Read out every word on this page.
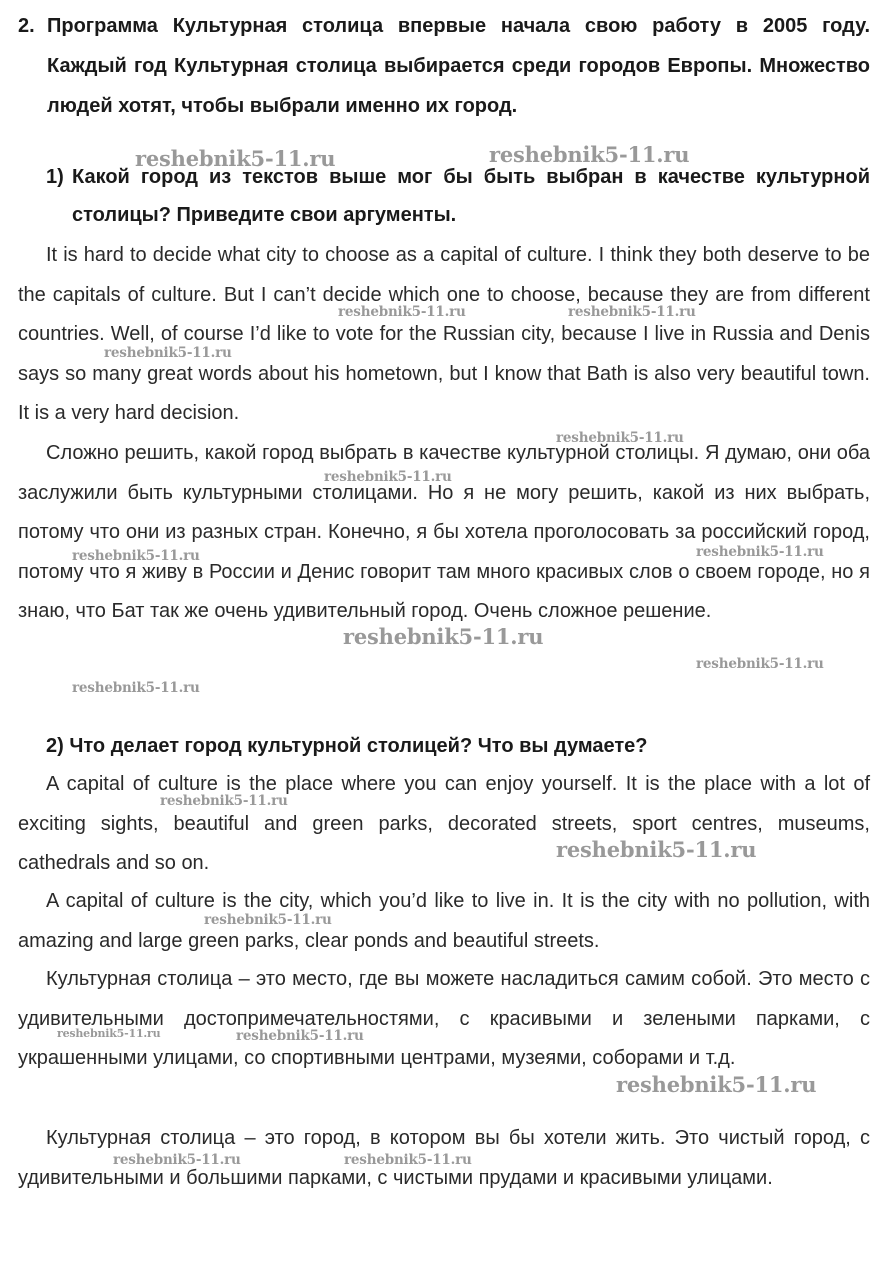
2. Программа Культурная столица впервые начала свою работу в 2005 году. Каждый год Культурная столица выбирается среди городов Европы. Множество людей хотят, чтобы выбрали именно их город.
1) Какой город из текстов выше мог бы быть выбран в качестве культурной столицы? Приведите свои аргументы.

It is hard to decide what city to choose as a capital of culture. I think they both deserve to be the capitals of culture. But I can’t decide which one to choose, because they are from different countries. Well, of course I’d like to vote for the Russian city, because I live in Russia and Denis says so many great words about his hometown, but I know that Bath is also very beautiful town. It is a very hard decision.

Сложно решить, какой город выбрать в качестве культурной столицы. Я думаю, они оба заслужили быть культурными столицами. Но я не могу решить, какой из них выбрать, потому что они из разных стран. Конечно, я бы хотела проголосовать за российский город, потому что я живу в России и Денис говорит там много красивых слов о своем городе, но я знаю, что Бат так же очень удивительный город. Очень сложное решение.

2) Что делает город культурной столицей? Что вы думаете?

A capital of culture is the place where you can enjoy yourself. It is the place with a lot of exciting sights, beautiful and green parks, decorated streets, sport centres, museums, cathedrals and so on.

A capital of culture is the city, which you’d like to live in. It is the city with no pollution, with amazing and large green parks, clear ponds and beautiful streets.

Культурная столица – это место, где вы можете насладиться самим собой. Это место с удивительными достопримечательностями, с красивыми и зелеными парками, с украшенными улицами, со спортивными центрами, музеями, соборами и т.д.

Культурная столица – это город, в котором вы бы хотели жить. Это чистый город, с удивительными и большими парками, с чистыми прудами и красивыми улицами.

reshebnik5-11.ru	reshebnik5-11.ru
reshebnik5-11.ru	reshebnik5-11.ru
reshebnik5-11.ru
reshebnik5-11.ru
reshebnik5-11.ru
reshebnik5-11.ru	reshebnik5-11.ru
reshebnik5-11.ru
reshebnik5-11.ru
reshebnik5-11.ru
reshebnik5-11.ru
reshebnik5-11.ru
reshebnik5-11.ru
reshebnik5-11.ru	reshebnik5-11.ru
reshebnik5-11.ru
reshebnik5-11.ru	reshebnik5-11.ru
